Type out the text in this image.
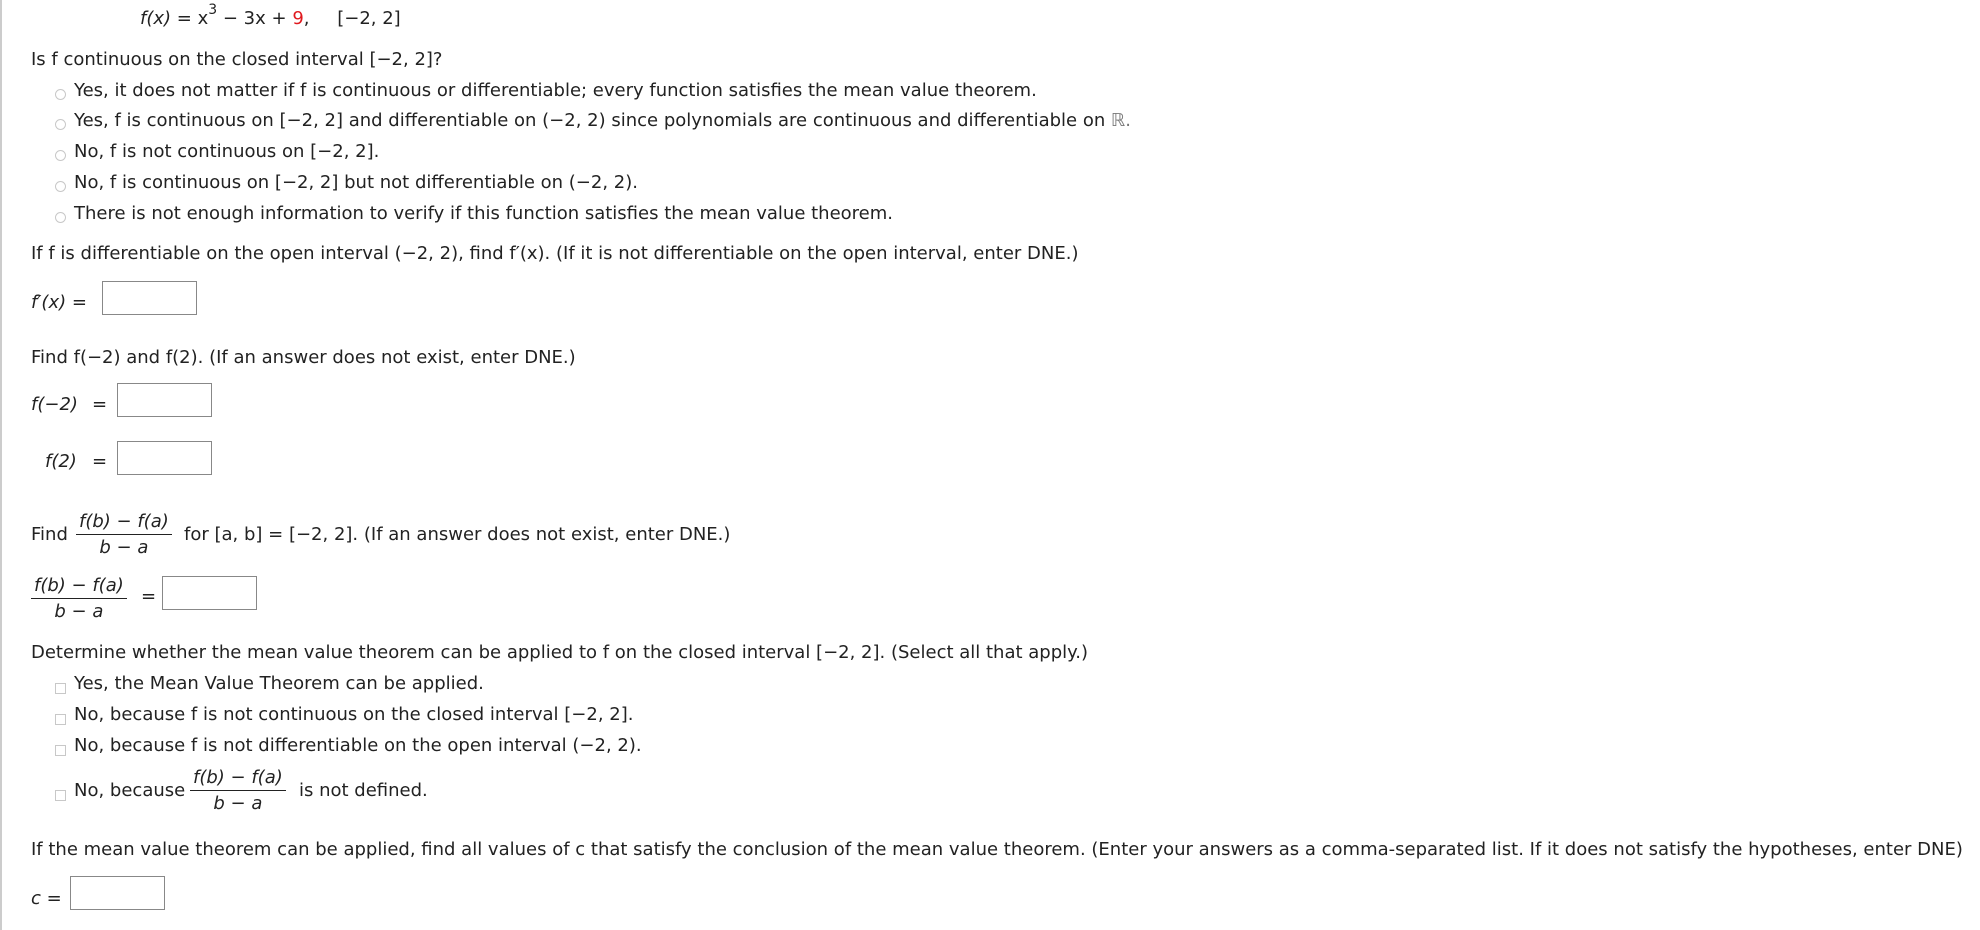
$f(x) = x^3 - 3x + 9$, [−2, 2]
Is f continuous on the closed interval [−2, 2]?
Yes, it does not matter if f is continuous or differentiable; every function satisfies the mean value theorem.
Yes, f is continuous on [−2, 2] and differentiable on (−2, 2) since polynomials are continuous and differentiable on ℝ.
No, f is not continuous on [−2, 2].
No, f is continuous on [−2, 2] but not differentiable on (−2, 2).
There is not enough information to verify if this function satisfies the mean value theorem.
If f is differentiable on the open interval (−2, 2), find f′(x). (If it is not differentiable on the open interval, enter DNE.)
f′(x) =
Find f(−2) and f(2). (If an answer does not exist, enter DNE.)
f(−2) =
f(2) =
Find $\frac{f(b) - f(a)}{b - a}$ for [a, b] = [−2, 2]. (If an answer does not exist, enter DNE.)
$\frac{f(b) - f(a)}{b - a}$ =
Determine whether the mean value theorem can be applied to f on the closed interval [−2, 2]. (Select all that apply.)
Yes, the Mean Value Theorem can be applied.
No, because f is not continuous on the closed interval [−2, 2].
No, because f is not differentiable on the open interval (−2, 2).
No, because $\frac{f(b) - f(a)}{b - a}$ is not defined.
If the mean value theorem can be applied, find all values of c that satisfy the conclusion of the mean value theorem. (Enter your answers as a comma-separated list. If it does not satisfy the hypotheses, enter DNE)
c =
